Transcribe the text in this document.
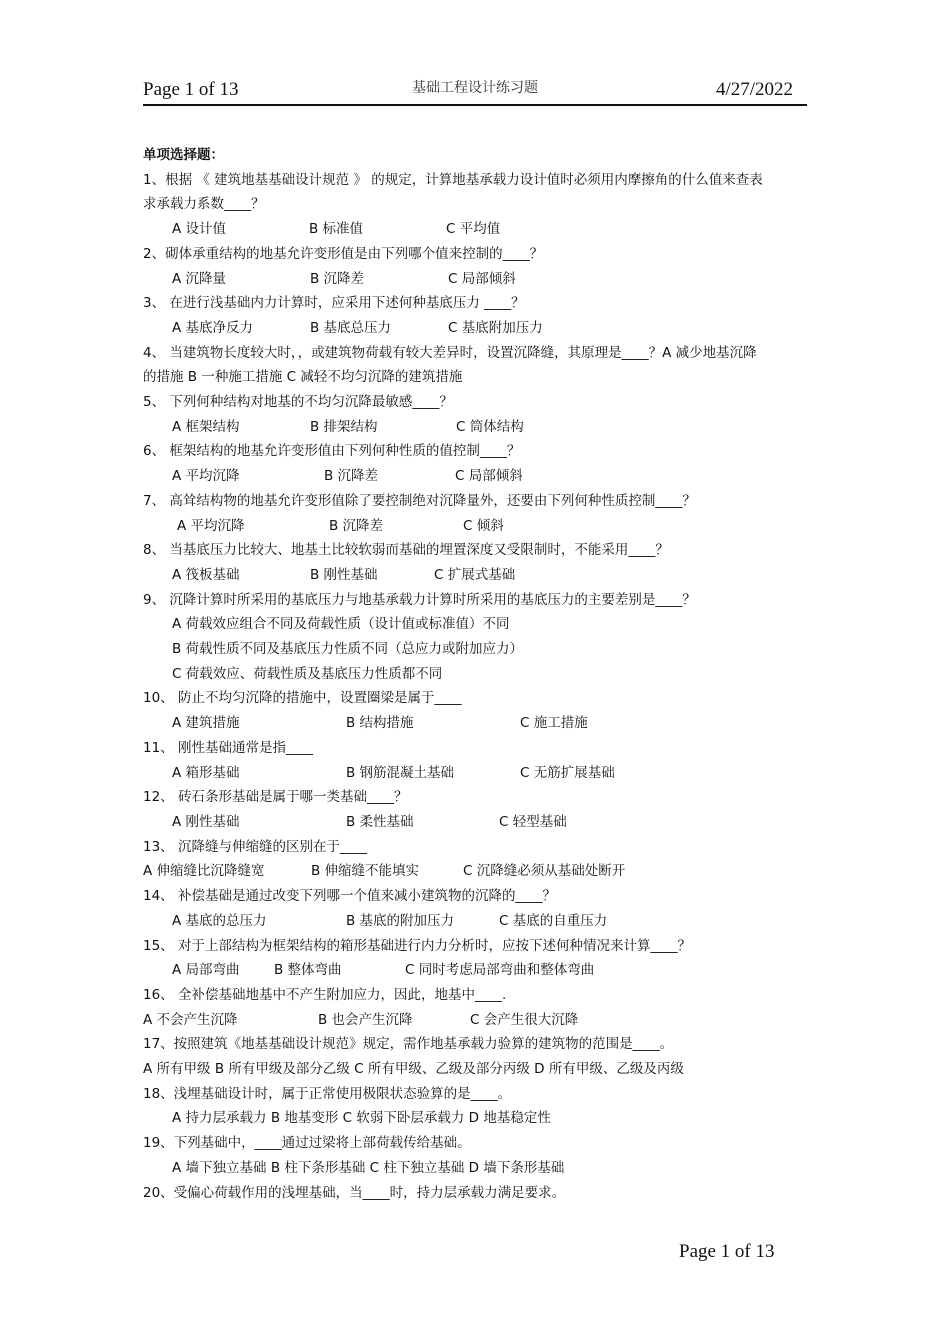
Page 1 of 13	基础工程设计练习题	4/27/2022
单项选择题：
1、根据 《 建筑地基基础设计规范 》 的规定，计算地基承载力设计值时必须用内摩擦角的什么值来查表
求承载力系数____？
A 设计值	B 标准值	C 平均值
2、砌体承重结构的地基允许变形值是由下列哪个值来控制的____？
A 沉降量	B 沉降差	C 局部倾斜
3、 在进行浅基础内力计算时，应采用下述何种基底压力 ____？
A 基底净反力	B 基底总压力	C 基底附加压力
4、 当建筑物长度较大时，，或建筑物荷载有较大差异时，设置沉降缝，其原理是____？A 减少地基沉降
的措施 B 一种施工措施 C 减轻不均匀沉降的建筑措施
5、 下列何种结构对地基的不均匀沉降最敏感____？
A 框架结构	B 排架结构	C 筒体结构
6、 框架结构的地基允许变形值由下列何种性质的值控制____？
A 平均沉降	B 沉降差	C 局部倾斜
7、 高耸结构物的地基允许变形值除了要控制绝对沉降量外，还要由下列何种性质控制____？
A 平均沉降	B 沉降差	C 倾斜
8、 当基底压力比较大、地基土比较软弱而基础的埋置深度又受限制时，不能采用____？
A 筏板基础	B 刚性基础	C 扩展式基础
9、 沉降计算时所采用的基底压力与地基承载力计算时所采用的基底压力的主要差别是____？
A 荷载效应组合不同及荷载性质（设计值或标准值）不同
B 荷载性质不同及基底压力性质不同（总应力或附加应力）
C 荷载效应、荷载性质及基底压力性质都不同
10、 防止不均匀沉降的措施中，设置圈梁是属于____
A 建筑措施	B 结构措施	C 施工措施
11、 刚性基础通常是指____
A 箱形基础	B 钢筋混凝土基础	C 无筋扩展基础
12、 砖石条形基础是属于哪一类基础____？
A 刚性基础	B 柔性基础	C 轻型基础
13、 沉降缝与伸缩缝的区别在于____
A 伸缩缝比沉降缝宽	B 伸缩缝不能填实	C 沉降缝必须从基础处断开
14、 补偿基础是通过改变下列哪一个值来减小建筑物的沉降的____？
A 基底的总压力	B 基底的附加压力	C 基底的自重压力
15、 对于上部结构为框架结构的箱形基础进行内力分析时，应按下述何种情况来计算____？
A 局部弯曲	B 整体弯曲	C 同时考虑局部弯曲和整体弯曲
16、 全补偿基础地基中不产生附加应力，因此，地基中____.
A 不会产生沉降	B 也会产生沉降	C 会产生很大沉降
17、按照建筑《地基基础设计规范》规定，需作地基承载力验算的建筑物的范围是____。
A 所有甲级 B 所有甲级及部分乙级 C 所有甲级、乙级及部分丙级 D 所有甲级、乙级及丙级
18、浅埋基础设计时，属于正常使用极限状态验算的是____。
A 持力层承载力 B 地基变形 C 软弱下卧层承载力 D 地基稳定性
19、下列基础中，____通过过梁将上部荷载传给基础。
A 墙下独立基础 B 柱下条形基础 C 柱下独立基础 D 墙下条形基础
20、受偏心荷载作用的浅埋基础，当____时，持力层承载力满足要求。
Page 1 of 13
